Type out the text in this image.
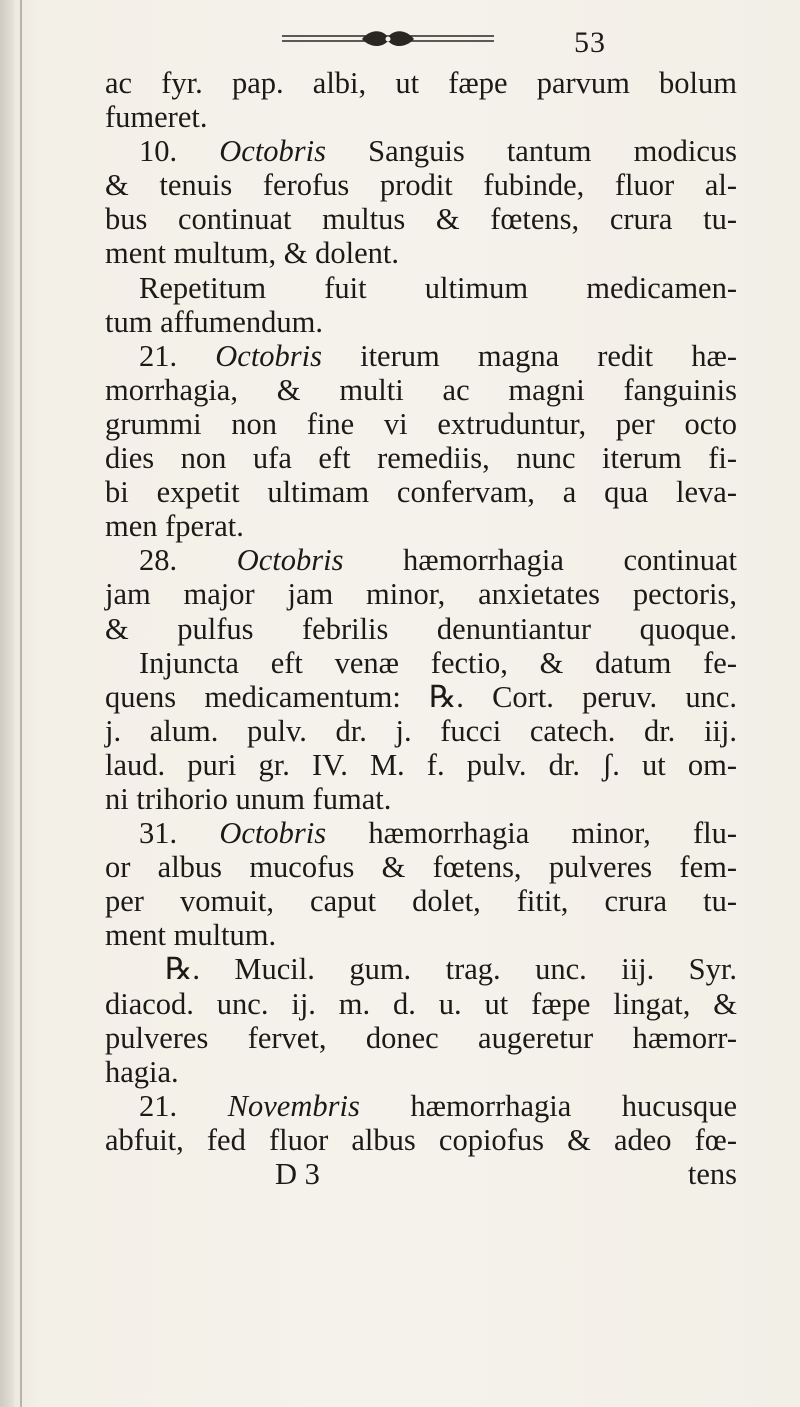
53
ac fyr. pap. albi, ut fæpe parvum bolum
fumeret.
10. Octobris Sanguis tantum modicus
& tenuis ferofus prodit fubinde, fluor al-
bus continuat multus & fœtens, crura tu-
ment multum, & dolent.
Repetitum fuit ultimum medicamen-
tum affumendum.
21. Octobris iterum magna redit hæ-
morrhagia, & multi ac magni fanguinis
grummi non fine vi extruduntur, per octo
dies non ufa eft remediis, nunc iterum fi-
bi expetit ultimam confervam, a qua leva-
men fperat.
28. Octobris hæmorrhagia continuat
jam major jam minor, anxietates pectoris,
& pulfus febrilis denuntiantur quoque.
Injuncta eft venæ fectio, & datum fe-
quens medicamentum: ℞. Cort. peruv. unc.
j. alum. pulv. dr. j. fucci catech. dr. iij.
laud. puri gr. IV. M. f. pulv. dr. ʃ. ut om-
ni trihorio unum fumat.
31. Octobris hæmorrhagia minor, flu-
or albus mucofus & fœtens, pulveres fem-
per vomuit, caput dolet, fitit, crura tu-
ment multum.
℞. Mucil. gum. trag. unc. iij. Syr.
diacod. unc. ij. m. d. u. ut fæpe lingat, &
pulveres fervet, donec augeretur hæmorr-
hagia.
21. Novembris hæmorrhagia hucusque
abfuit, fed fluor albus copiofus & adeo fœ-
D 3	tens
